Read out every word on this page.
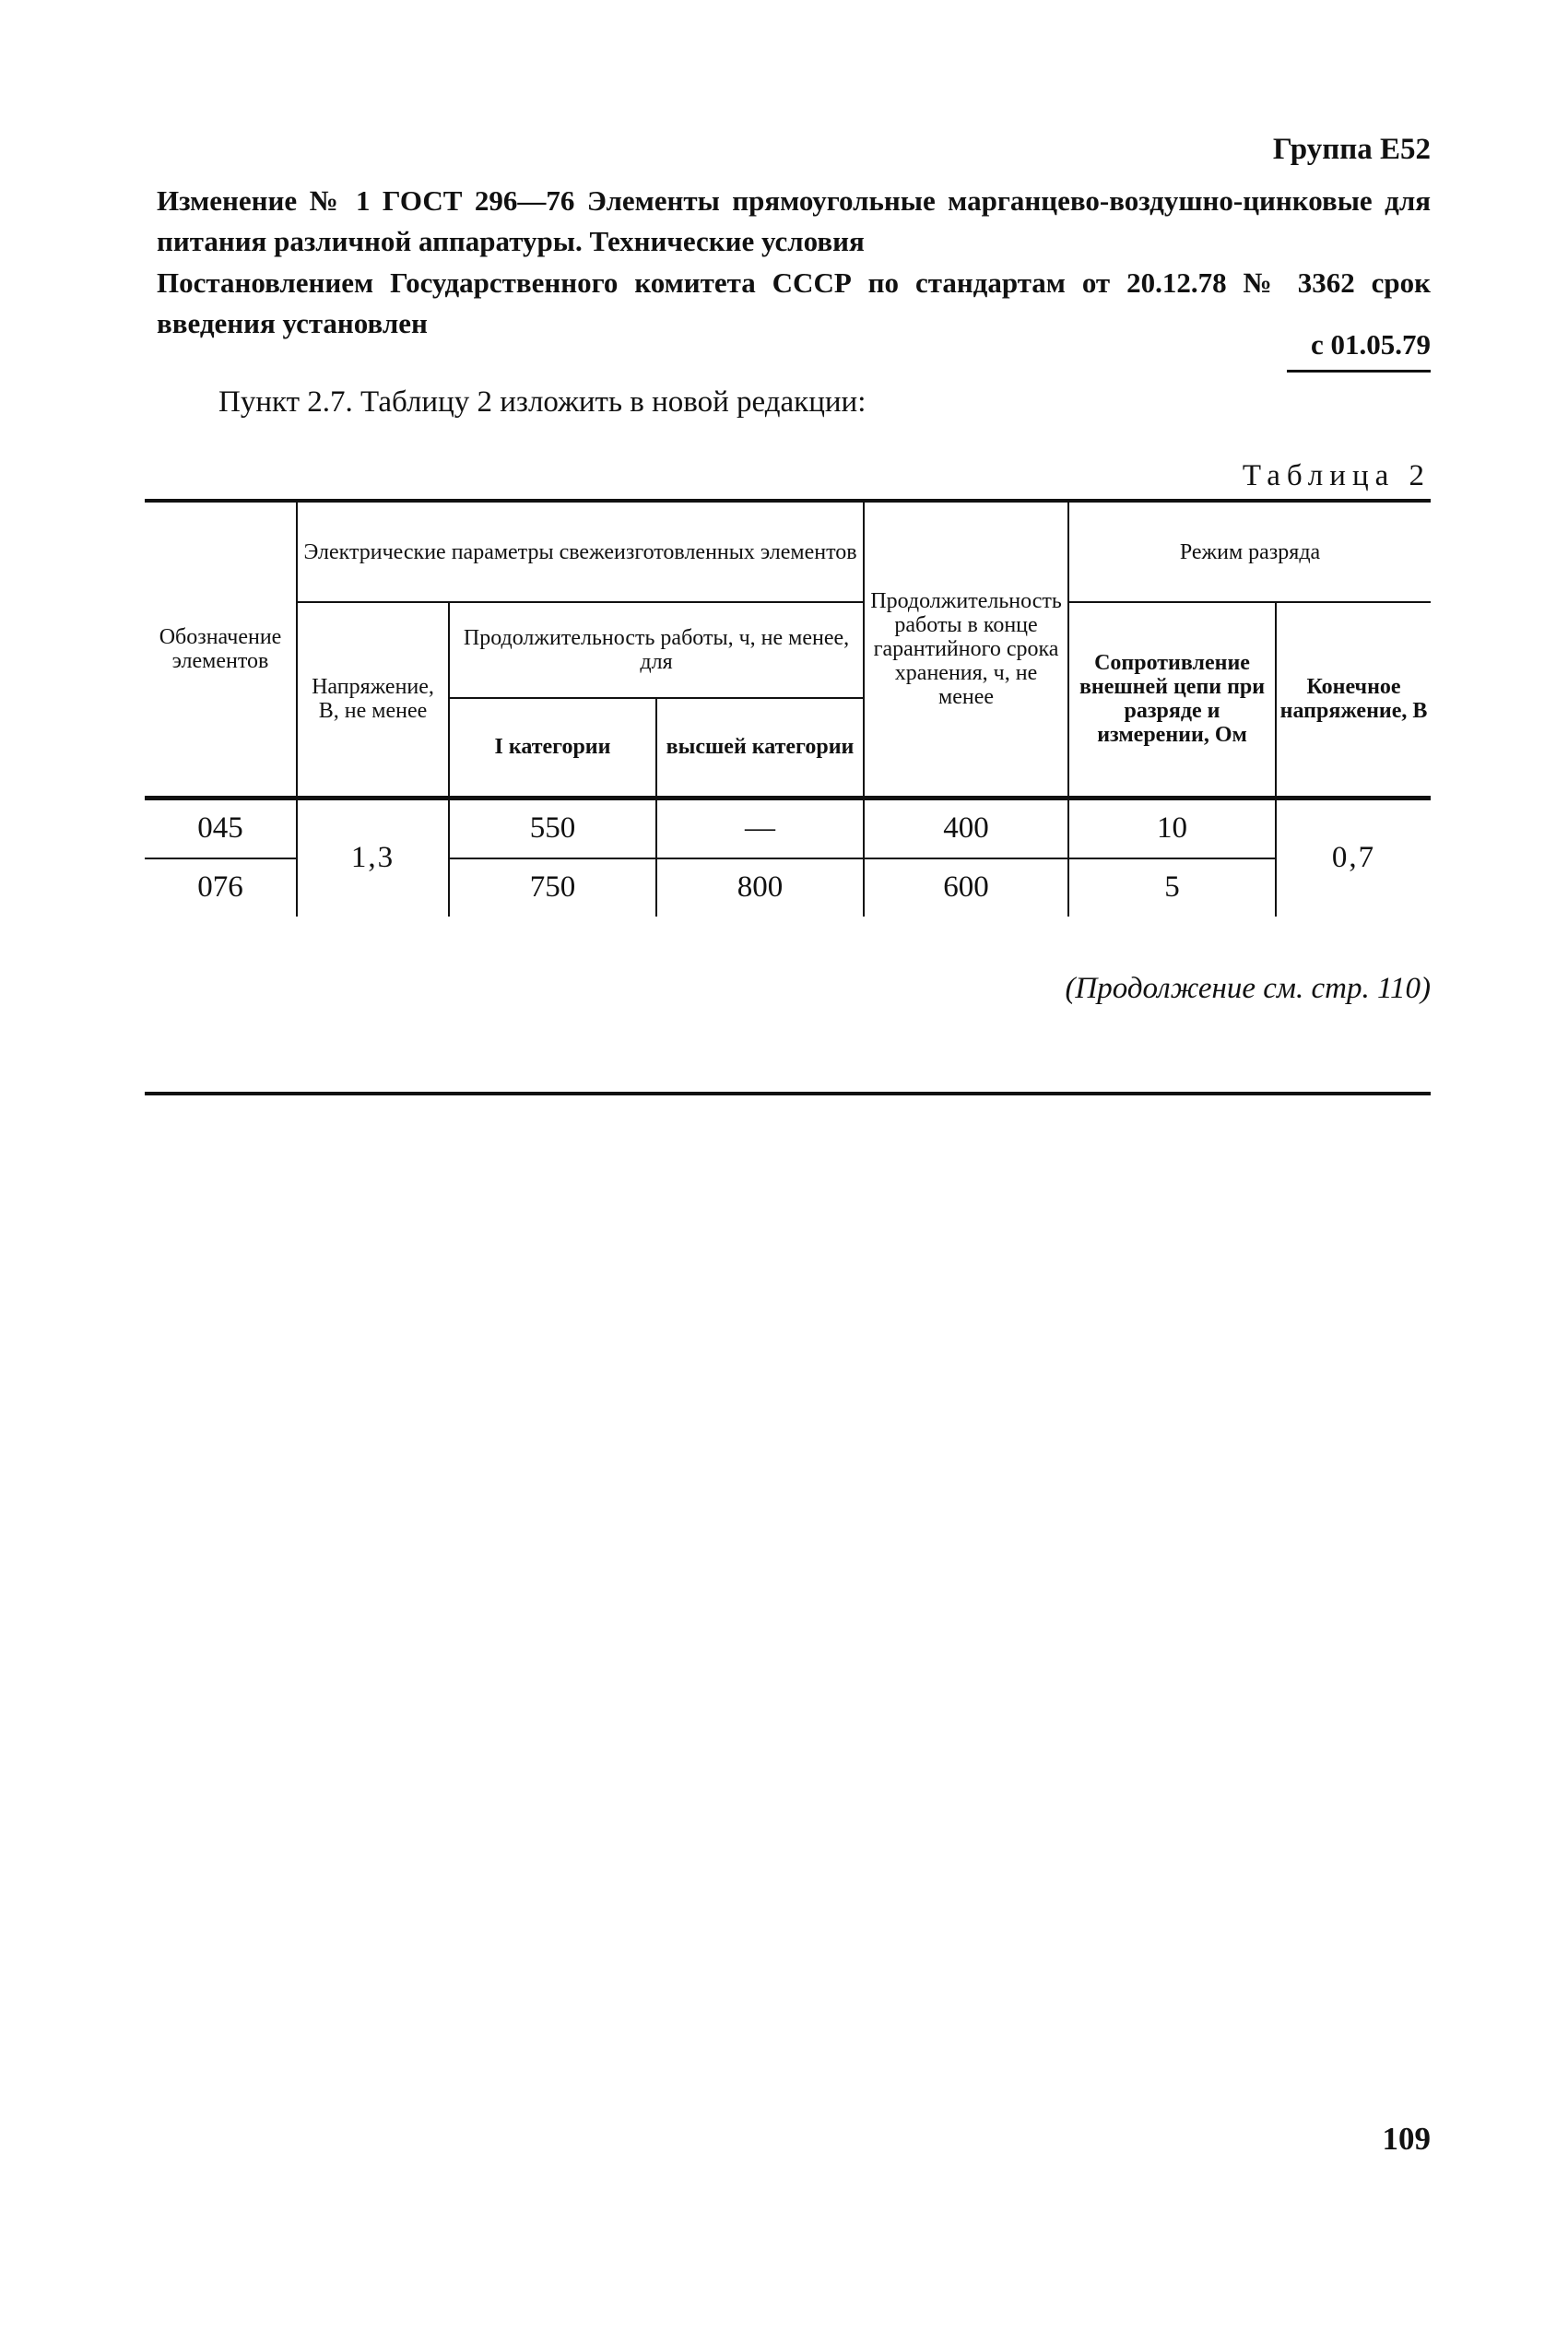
Группа Е52
Изменение № 1 ГОСТ 296—76 Элементы прямоугольные марганцево-воздушно-цинковые для питания различной аппаратуры. Технические условия
Постановлением Государственного комитета СССР по стандартам от 20.12.78 № 3362 срок введения установлен
с 01.05.79
Пункт 2.7. Таблицу 2 изложить в новой редакции:
Таблица 2
Обозначение элементов	Электрические параметры свежеизготовленных элементов			Продолжительность работы в конце гарантийного срока хранения, ч, не менее	Режим разряда	
	Напряжение, В, не менее	Продолжительность работы, ч, не менее, для			Сопротивление внешней цепи при разряде и измерении, Ом	Конечное напряжение, В
		I категории	высшей категории			
045	1,3	550	—	400	10	0,7
076		750	800	600	5	
(Продолжение см. стр. 110)
109
